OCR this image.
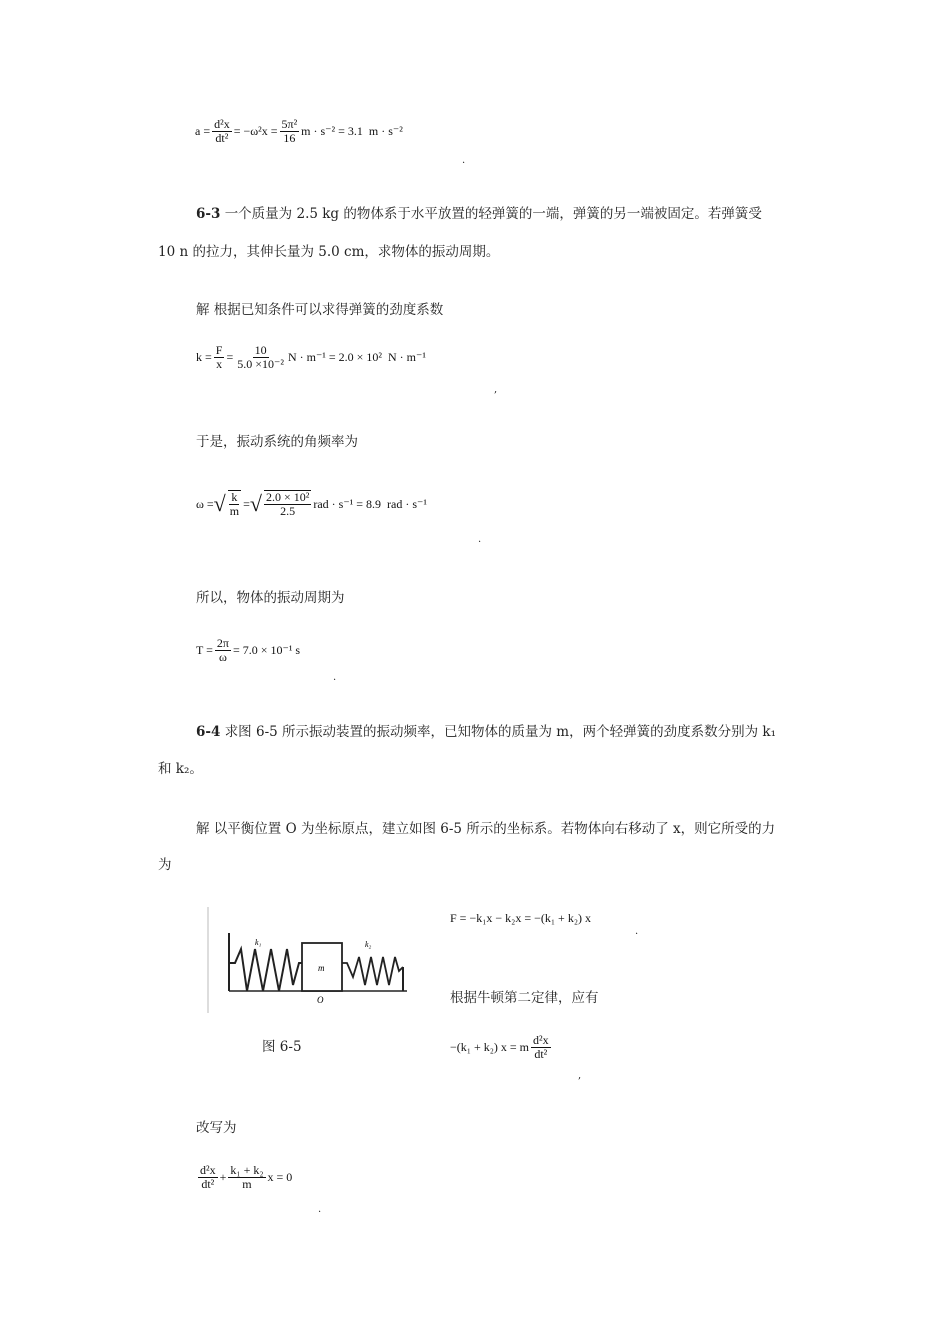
$a = \frac{\text{d²x}}{\text{dt²}} = -\omega^2x = \frac{\text{5π²}}{16}$ m · s⁻² = 3.1  m · s⁻²
.
6-3 一个质量为 2.5 kg 的物体系于水平放置的轻弹簧的一端，弹簧的另一端被固定。若弹簧受
10 n 的拉力，其伸长量为 5.0 cm，求物体的振动周期。
解 根据已知条件可以求得弹簧的劲度系数
$k = \frac{F}{x} = \frac{10}{\text{5.0 ×10⁻²}}$ N · m⁻¹ = 2.0 × 10²  N · m⁻¹
,
于是，振动系统的角频率为
ω = √ $\frac{k}{m}$ = √ $\frac{\text{2.0 × 10²}}{2.5}$ rad · s⁻¹ = 8.9  rad · s⁻¹
.
所以，物体的振动周期为
$T = \frac{2\pi}{\omega} = 7.0 \times 10^{-1}$ s
.
6-4 求图 6-5 所示振动装置的振动频率，已知物体的质量为 m，两个轻弹簧的劲度系数分别为 k₁
和 k₂。
解 以平衡位置 O 为坐标原点，建立如图 6-5 所示的坐标系。若物体向右移动了 x，则它所受的力
为
k₁	k₂
m
O
图 6-5
F = −k₁x − k₂x = −(k₁ + k₂) x
.
根据牛顿第二定律，应有
−(k₁ + k₂) x = m $\frac{\text{d²x}}{\text{dt²}}$
,
改写为
$\frac{\text{d²x}}{\text{dt²}} + \frac{\text{k₁ + k₂}}{m}$ x = 0
.
